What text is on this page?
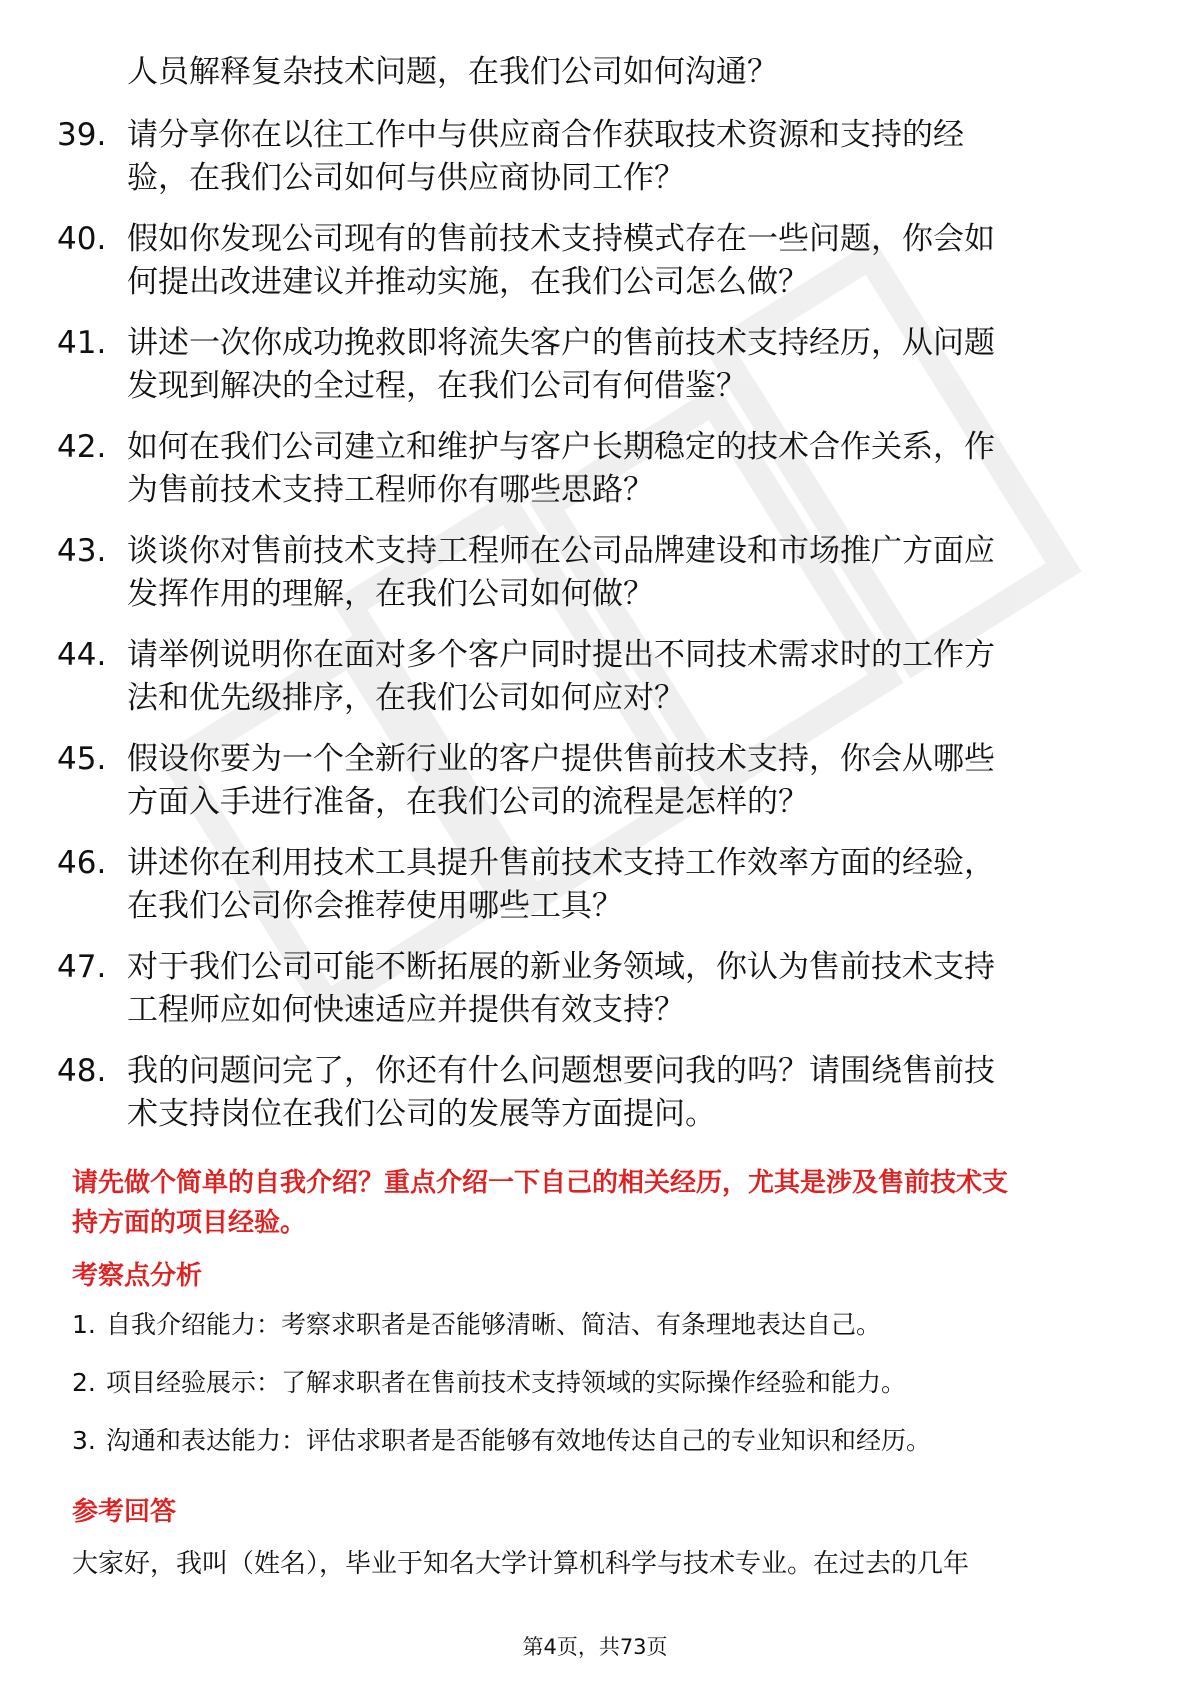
人员解释复杂技术问题，在我们公司如何沟通？
39. 请分享你在以往工作中与供应商合作获取技术资源和支持的经
验，在我们公司如何与供应商协同工作？
40. 假如你发现公司现有的售前技术支持模式存在一些问题，你会如
何提出改进建议并推动实施，在我们公司怎么做？
41. 讲述一次你成功挽救即将流失客户的售前技术支持经历，从问题
发现到解决的全过程，在我们公司有何借鉴？
42. 如何在我们公司建立和维护与客户长期稳定的技术合作关系，作
为售前技术支持工程师你有哪些思路？
43. 谈谈你对售前技术支持工程师在公司品牌建设和市场推广方面应
发挥作用的理解，在我们公司如何做？
44. 请举例说明你在面对多个客户同时提出不同技术需求时的工作方
法和优先级排序，在我们公司如何应对？
45. 假设你要为一个全新行业的客户提供售前技术支持，你会从哪些
方面入手进行准备，在我们公司的流程是怎样的？
46. 讲述你在利用技术工具提升售前技术支持工作效率方面的经验，
在我们公司你会推荐使用哪些工具？
47. 对于我们公司可能不断拓展的新业务领域，你认为售前技术支持
工程师应如何快速适应并提供有效支持？
48. 我的问题问完了，你还有什么问题想要问我的吗？请围绕售前技
术支持岗位在我们公司的发展等方面提问。
请先做个简单的自我介绍？重点介绍一下自己的相关经历，尤其是涉及售前技术支
持方面的项目经验。
考察点分析
1. 自我介绍能力：考察求职者是否能够清晰、简洁、有条理地表达自己。
2. 项目经验展示：了解求职者在售前技术支持领域的实际操作经验和能力。
3. 沟通和表达能力：评估求职者是否能够有效地传达自己的专业知识和经历。
参考回答
大家好，我叫（姓名），毕业于知名大学计算机科学与技术专业。在过去的几年
第4页，共73页
